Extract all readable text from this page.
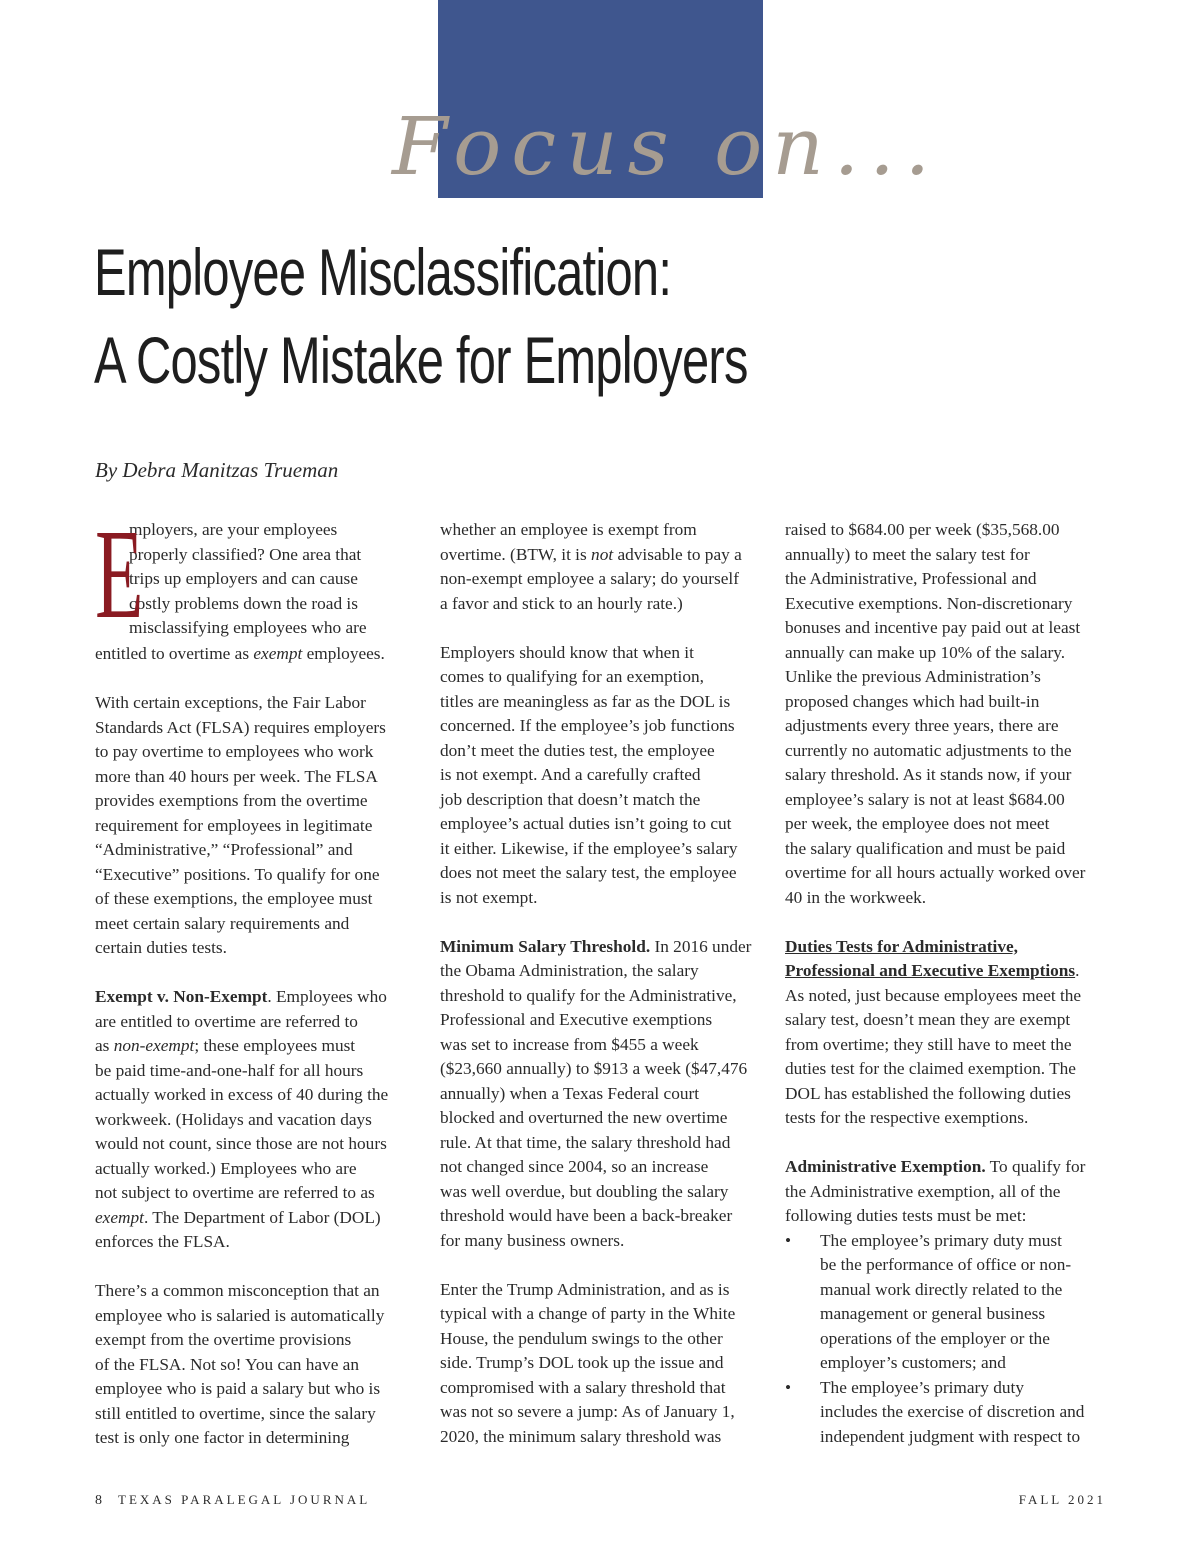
Focus on...
Employee Misclassification:
A Costly Mistake for Employers
By Debra Manitzas Trueman

E
mployers, are your employees
properly classified? One area that
trips up employers and can cause
costly problems down the road is
misclassifying employees who are
entitled to overtime as exempt employees.

With certain exceptions, the Fair Labor
Standards Act (FLSA) requires employers
to pay overtime to employees who work
more than 40 hours per week. The FLSA
provides exemptions from the overtime
requirement for employees in legitimate
“Administrative,” “Professional” and
“Executive” positions. To qualify for one
of these exemptions, the employee must
meet certain salary requirements and
certain duties tests.

Exempt v. Non-Exempt. Employees who
are entitled to overtime are referred to
as non-exempt; these employees must
be paid time-and-one-half for all hours
actually worked in excess of 40 during the
workweek. (Holidays and vacation days
would not count, since those are not hours
actually worked.) Employees who are
not subject to overtime are referred to as
exempt. The Department of Labor (DOL)
enforces the FLSA.

There’s a common misconception that an
employee who is salaried is automatically
exempt from the overtime provisions
of the FLSA. Not so! You can have an
employee who is paid a salary but who is
still entitled to overtime, since the salary
test is only one factor in determining

whether an employee is exempt from
overtime. (BTW, it is not advisable to pay a
non-exempt employee a salary; do yourself
a favor and stick to an hourly rate.)

Employers should know that when it
comes to qualifying for an exemption,
titles are meaningless as far as the DOL is
concerned. If the employee’s job functions
don’t meet the duties test, the employee
is not exempt. And a carefully crafted
job description that doesn’t match the
employee’s actual duties isn’t going to cut
it either. Likewise, if the employee’s salary
does not meet the salary test, the employee
is not exempt.

Minimum Salary Threshold. In 2016 under
the Obama Administration, the salary
threshold to qualify for the Administrative,
Professional and Executive exemptions
was set to increase from $455 a week
($23,660 annually) to $913 a week ($47,476
annually) when a Texas Federal court
blocked and overturned the new overtime
rule. At that time, the salary threshold had
not changed since 2004, so an increase
was well overdue, but doubling the salary
threshold would have been a back-breaker
for many business owners.

Enter the Trump Administration, and as is
typical with a change of party in the White
House, the pendulum swings to the other
side. Trump’s DOL took up the issue and
compromised with a salary threshold that
was not so severe a jump: As of January 1,
2020, the minimum salary threshold was

raised to $684.00 per week ($35,568.00
annually) to meet the salary test for
the Administrative, Professional and
Executive exemptions. Non-discretionary
bonuses and incentive pay paid out at least
annually can make up 10% of the salary.
Unlike the previous Administration’s
proposed changes which had built-in
adjustments every three years, there are
currently no automatic adjustments to the
salary threshold. As it stands now, if your
employee’s salary is not at least $684.00
per week, the employee does not meet
the salary qualification and must be paid
overtime for all hours actually worked over
40 in the workweek.

Duties Tests for Administrative,
Professional and Executive Exemptions.
As noted, just because employees meet the
salary test, doesn’t mean they are exempt
from overtime; they still have to meet the
duties test for the claimed exemption. The
DOL has established the following duties
tests for the respective exemptions.

Administrative Exemption. To qualify for
the Administrative exemption, all of the
following duties tests must be met:
• The employee’s primary duty must
be the performance of office or non-
manual work directly related to the
management or general business
operations of the employer or the
employer’s customers; and
• The employee’s primary duty
includes the exercise of discretion and
independent judgment with respect to

8 TEXAS PARALEGAL JOURNAL	FALL 2021
